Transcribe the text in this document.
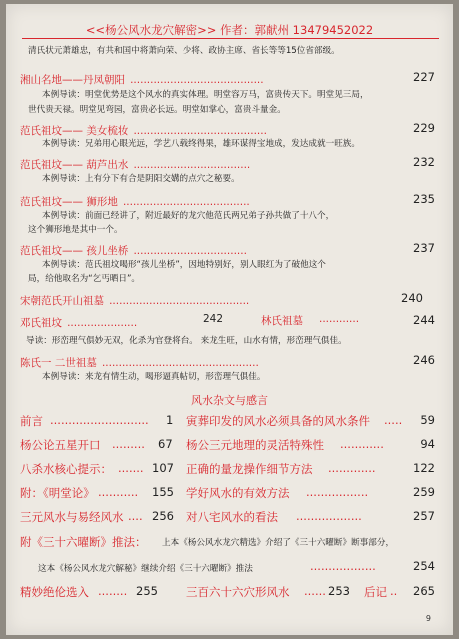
<<杨公风水龙穴解密>> 作者：郭献州 13479452022
清氏状元萧雄忠，有共和国中将萧向荣、少将、政协主席、省长等等15位省部级。
湘山名地——丹凤朝阳 ........................................	227
本例导读：明堂优势是这个风水的真实体理。明堂容万马，富贵传天下。明堂见三局，
世代贵天禄。明堂见弯园，富贵必长远。明堂如掌心，富贵斗量金。
范氏祖坟—— 美女梳妆 ........................................	229
本例导读：兄弟用心眼光远，学艺八载终得果，雄环谋得宝地成，发达成就一旺族。
范氏祖坟—— 葫芦出水 ...................................	232
本例导读：上有分下有合是阴阳交媾的点穴之秘要。
范氏祖坟—— 狮形地 ......................................	235
本例导读：前面已经讲了，附近最好的龙穴他范氏两兄弟子孙共做了十八个，
这个狮形地是其中一个。
范氏祖坟—— 孩儿坐桥 ..................................	237
本例导读：范氏祖坟喝形“孩儿坐桥”，因地特别好，别人眼红为了破他这个
局，给他取名为“乞丐晒日”。
宋朝范氏开山祖墓 ..........................................	240
邓氏祖坟 .....................	242	林氏祖墓 ............	244
导读：形峦理气俱妙无双，化杀为官登将台。 来龙生旺，山水有情，形峦理气俱佳。
陈氏一 二世祖墓 ...............................................	246
本例导读：来龙有情生动，喝形逼真帖切，形峦理气俱佳。
风水杂文与感言
前言 ........................... 1 寅葬印发的风水必须具备的风水条件 ..... 59
杨公论五星开口 ......... 67 杨公三元地理的灵活特殊性 ............	94
八杀水核心提示： ....... 107 正确的量龙操作细节方法 .............	122
附：《明堂论》 ........... 155 学好风水的有效方法 .................	259
三元风水与易经风水 .... 256 对八宅风水的看法 ..................	257
附《三十六曜断》推法： 上本《杨公风水龙穴精选》介绍了《三十六曜断》断事部分，
这本《杨公风水龙穴解秘》继续介绍《三十六曜断》推法	..................	254
精妙绝伦选入 ........ 255 三百六十六穴形风水 ...... 253 后记 .. 265
9
